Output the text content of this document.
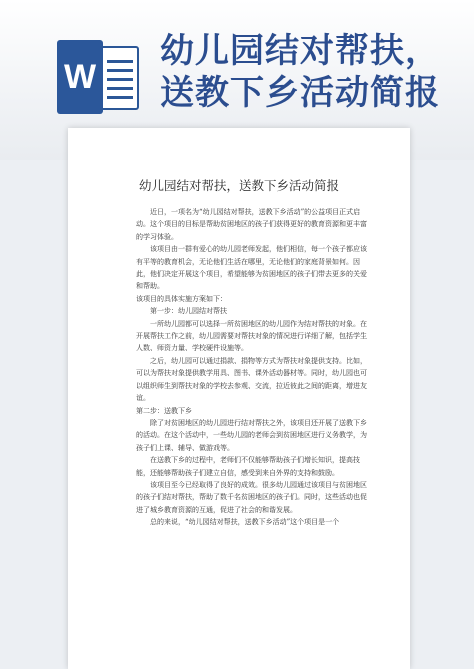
W
幼儿园结对帮扶，
送教下乡活动简报
幼儿园结对帮扶，送教下乡活动简报

近日，一项名为“幼儿园结对帮扶，送教下乡活动”的公益项目正式启动。这个项目的目标是帮助贫困地区的孩子们获得更好的教育资源和更丰富的学习体验。

该项目由一群有爱心的幼儿园老师发起，他们相信，每一个孩子都应该有平等的教育机会，无论他们生活在哪里，无论他们的家庭背景如何。因此，他们决定开展这个项目，希望能够为贫困地区的孩子们带去更多的关爱和帮助。

该项目的具体实施方案如下：

第一步：幼儿园结对帮扶

一所幼儿园都可以选择一所贫困地区的幼儿园作为结对帮扶的对象。在开展帮扶工作之前，幼儿园需要对帮扶对象的情况进行详细了解，包括学生人数、师资力量、学校硬件设施等。

之后，幼儿园可以通过捐款、捐物等方式为帮扶对象提供支持。比如，可以为帮扶对象提供教学用具、图书、课外活动器材等。同时，幼儿园也可以组织师生到帮扶对象的学校去参观、交流，拉近彼此之间的距离，增进友谊。

第二步：送教下乡

除了对贫困地区的幼儿园进行结对帮扶之外，该项目还开展了送教下乡的活动。在这个活动中，一些幼儿园的老师会到贫困地区进行义务教学，为孩子们上课、辅导、做游戏等。

在送教下乡的过程中，老师们不仅能够帮助孩子们增长知识，提高技能，还能够帮助孩子们建立自信，感受到来自外界的支持和鼓励。

该项目至今已经取得了良好的成效。很多幼儿园通过该项目与贫困地区的孩子们结对帮扶，帮助了数千名贫困地区的孩子们。同时，这些活动也促进了城乡教育资源的互通，促进了社会的和谐发展。

总的来说，“幼儿园结对帮扶，送教下乡活动”这个项目是一个
